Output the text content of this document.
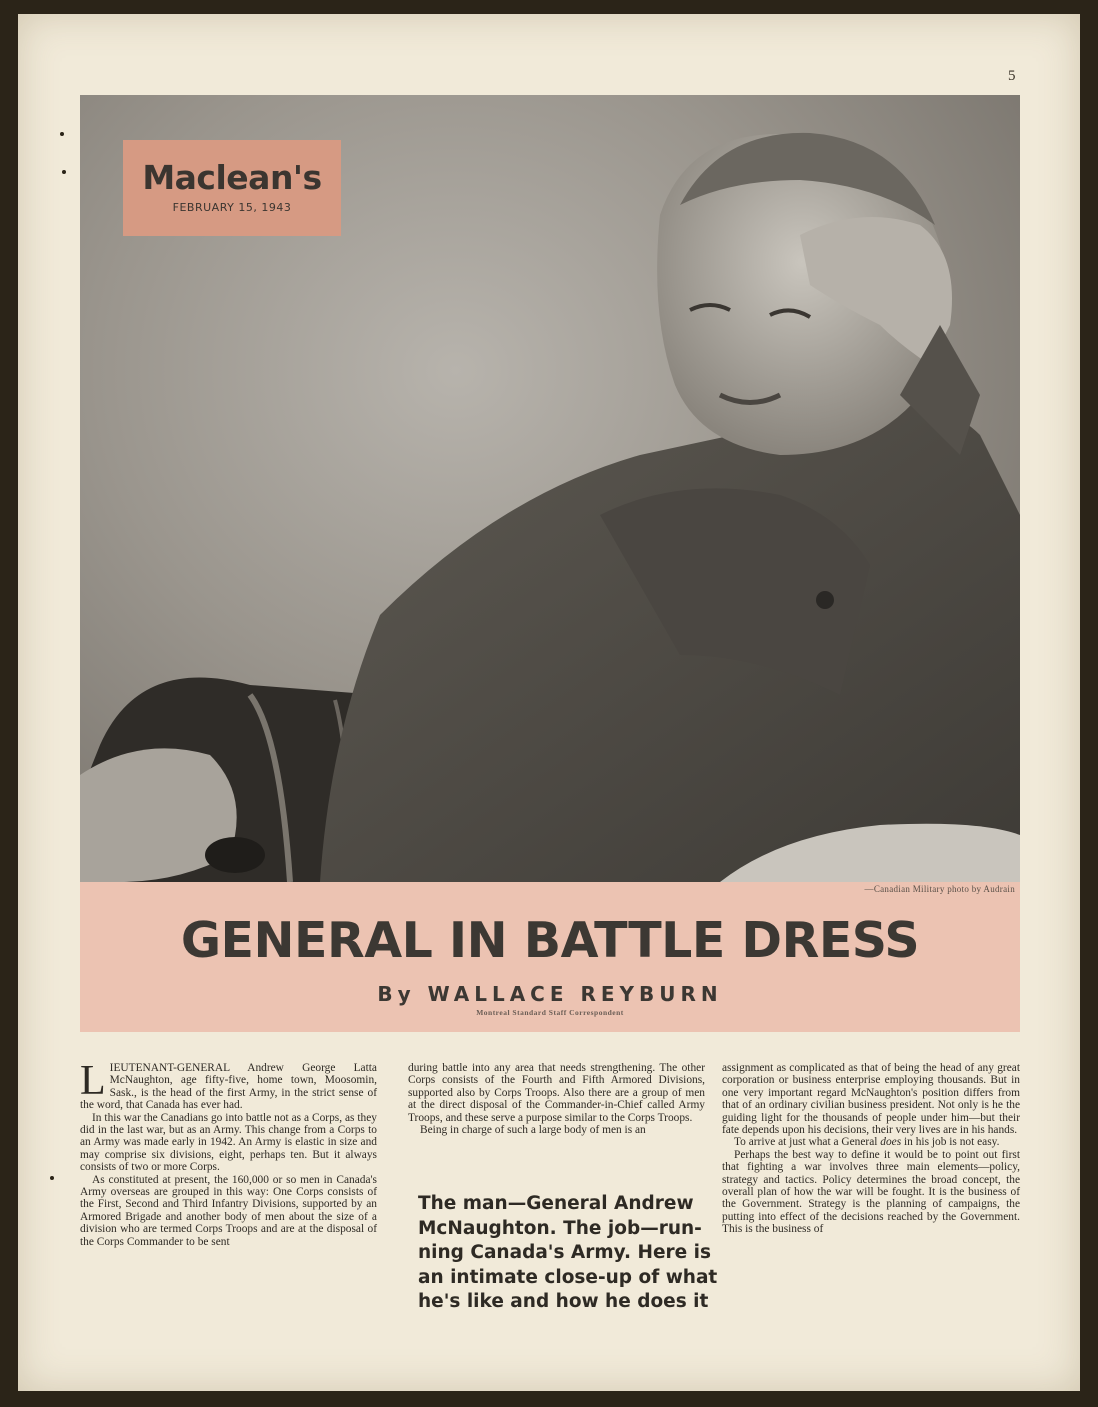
5
Maclean's
FEBRUARY 15, 1943
GENERAL IN BATTLE DRESS
By WALLACE REYBURN
Montreal Standard Staff Correspondent
—Canadian Military photo by Audrain

LIEUTENANT-GENERAL Andrew George Latta McNaughton, age fifty-five, home town, Moosomin, Sask., is the head of the first Army, in the strict sense of the word, that Canada has ever had.

In this war the Canadians go into battle not as a Corps, as they did in the last war, but as an Army. This change from a Corps to an Army was made early in 1942. An Army is elastic in size and may comprise six divisions, eight, perhaps ten. But it always consists of two or more Corps.

As constituted at present, the 160,000 or so men in Canada's Army overseas are grouped in this way: One Corps consists of the First, Second and Third Infantry Divisions, supported by an Armored Brigade and another body of men about the size of a division who are termed Corps Troops and are at the disposal of the Corps Commander to be sent

during battle into any area that needs strengthening. The other Corps consists of the Fourth and Fifth Armored Divisions, supported also by Corps Troops. Also there are a group of men at the direct disposal of the Commander-in-Chief called Army Troops, and these serve a purpose similar to the Corps Troops.

Being in charge of such a large body of men is an

The man—General Andrew
McNaughton. The job—run-
ning Canada's Army. Here is
an intimate close-up of what
he's like and how he does it

assignment as complicated as that of being the head of any great corporation or business enterprise employing thousands. But in one very important regard McNaughton's position differs from that of an ordinary civilian business president. Not only is he the guiding light for the thousands of people under him—but their fate depends upon his decisions, their very lives are in his hands.

To arrive at just what a General does in his job is not easy.

Perhaps the best way to define it would be to point out first that fighting a war involves three main elements—policy, strategy and tactics. Policy determines the broad concept, the overall plan of how the war will be fought. It is the business of the Government. Strategy is the planning of campaigns, the putting into effect of the decisions reached by the Government. This is the business of
